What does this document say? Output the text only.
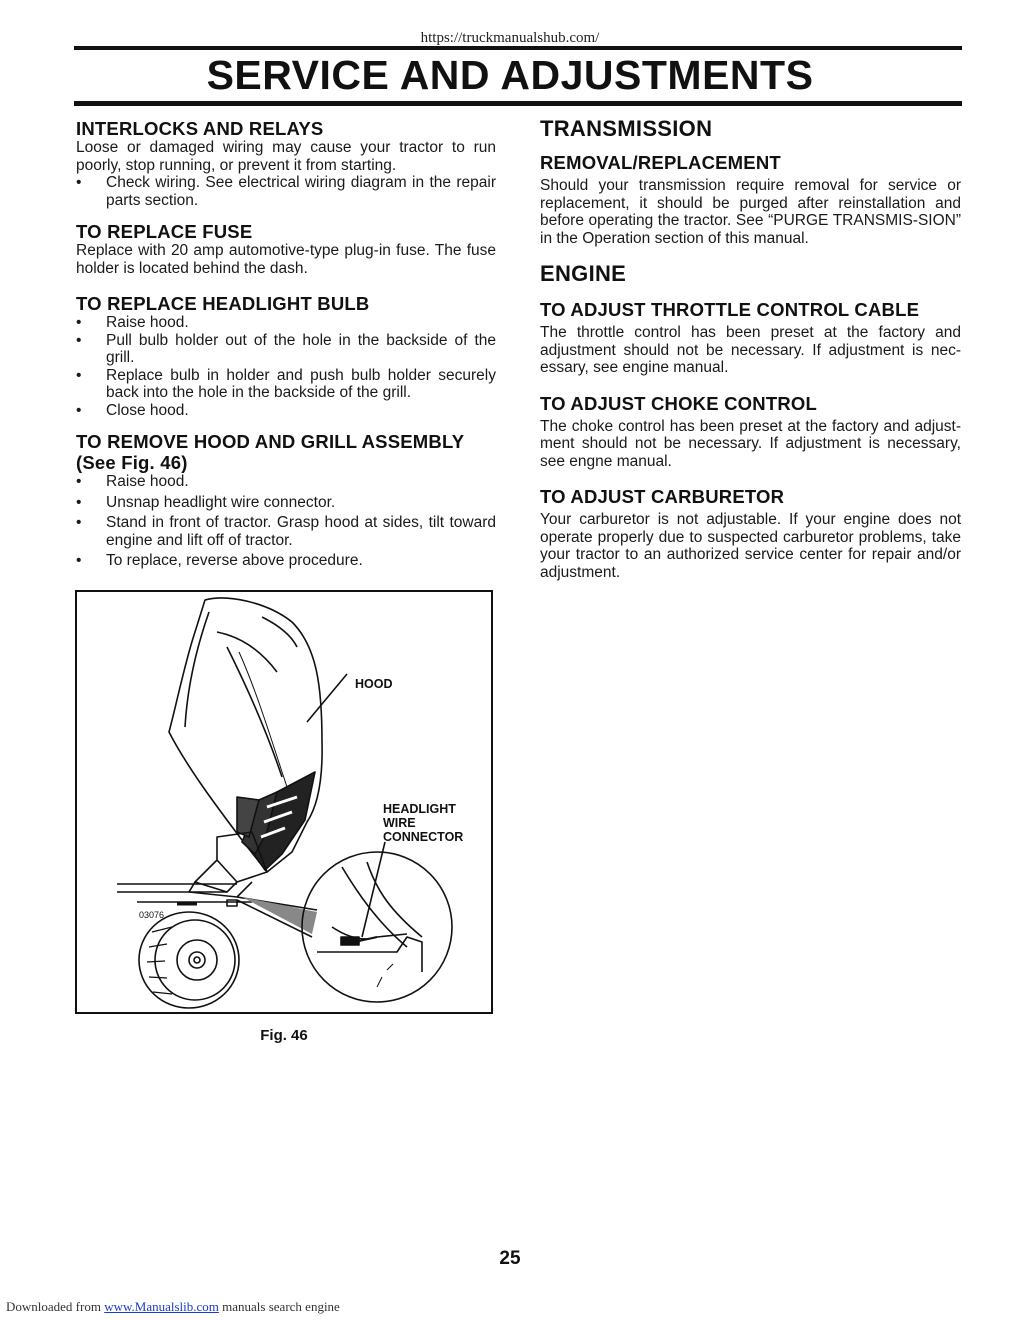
https://truckmanualshub.com/
SERVICE AND ADJUSTMENTS
INTERLOCKS AND RELAYS

Loose or damaged wiring may cause your tractor to run poorly, stop running, or prevent it from starting.

• Check wiring. See electrical wiring diagram in the repair parts section.
TO REPLACE FUSE

Replace with 20 amp automotive-type plug-in fuse. The fuse holder is located behind the dash.

TO REPLACE HEADLIGHT BULB
• Raise hood.
• Pull bulb holder out of the hole in the backside of the grill.
• Replace bulb in holder and push bulb holder securely back into the hole in the backside of the grill.
• Close hood.
TO REMOVE HOOD AND GRILL ASSEMBLY
(See Fig. 46)
• Raise hood.
• Unsnap headlight wire connector.
• Stand in front of tractor. Grasp hood at sides, tilt toward engine and lift off of tractor.
• To replace, reverse above procedure.
HOOD
HEADLIGHT
WIRE
CONNECTOR
03076
Fig. 46
TRANSMISSION
REMOVAL/REPLACEMENT

Should your transmission require removal for service or replacement, it should be purged after reinstallation and before operating the tractor. See “PURGE TRANSMIS-SION” in the Operation section of this manual.

ENGINE
TO ADJUST THROTTLE CONTROL CABLE

The throttle control has been preset at the factory and adjustment should not be necessary. If adjustment is nec-essary, see engine manual.

TO ADJUST CHOKE CONTROL

The choke control has been preset at the factory and adjust-ment should not be necessary. If adjustment is necessary, see engne manual.

TO ADJUST CARBURETOR

Your carburetor is not adjustable. If your engine does not operate properly due to suspected carburetor problems, take your tractor to an authorized service center for repair and/or adjustment.

25
Downloaded from www.Manualslib.com manuals search engine
